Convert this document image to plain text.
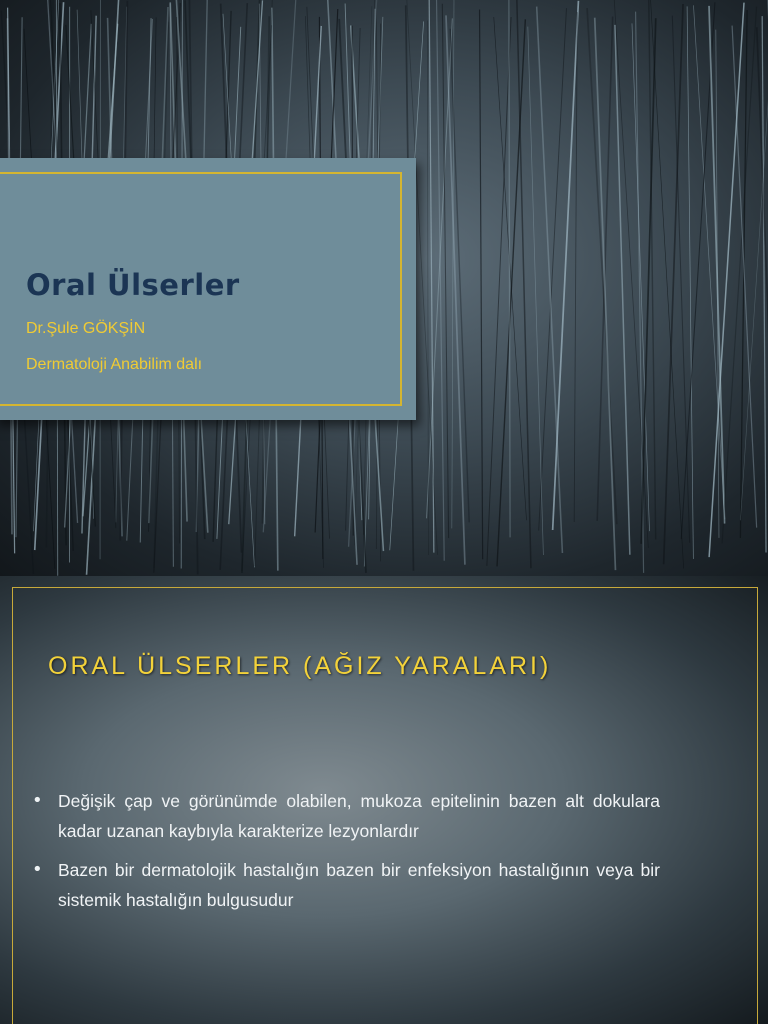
Oral Ülserler
Dr.Şule GÖKŞİN
Dermatoloji Anabilim dalı
ORAL ÜLSERLER (AĞIZ YARALARI)
• Değişik çap ve görünümde olabilen, mukoza epitelinin bazen alt dokulara kadar uzanan kaybıyla karakterize lezyonlardır
• Bazen bir dermatolojik hastalığın bazen bir enfeksiyon hastalığının veya bir sistemik hastalığın bulgusudur
